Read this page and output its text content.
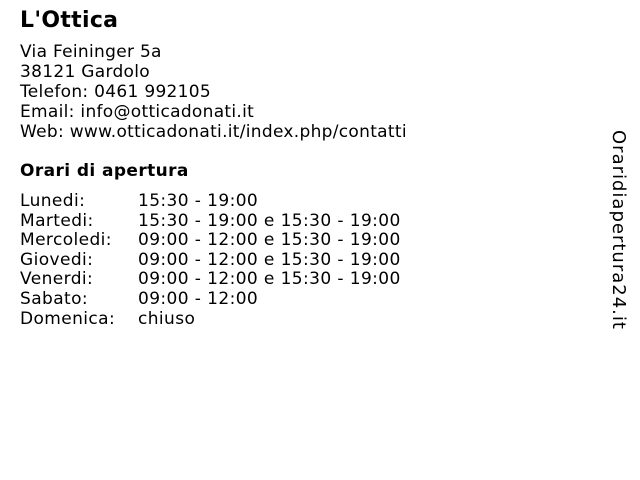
L'Ottica
Via Feininger 5a
38121 Gardolo
Telefon: 0461 992105
Email: info@otticadonati.it
Web: www.otticadonati.it/index.php/contatti
Orari di apertura
Lunedi:	15:30 - 19:00
Martedi:	15:30 - 19:00 e 15:30 - 19:00
Mercoledi:	09:00 - 12:00 e 15:30 - 19:00
Giovedi:	09:00 - 12:00 e 15:30 - 19:00
Venerdi:	09:00 - 12:00 e 15:30 - 19:00
Sabato:	09:00 - 12:00
Domenica:	chiuso	Oraridiapertura24.it
